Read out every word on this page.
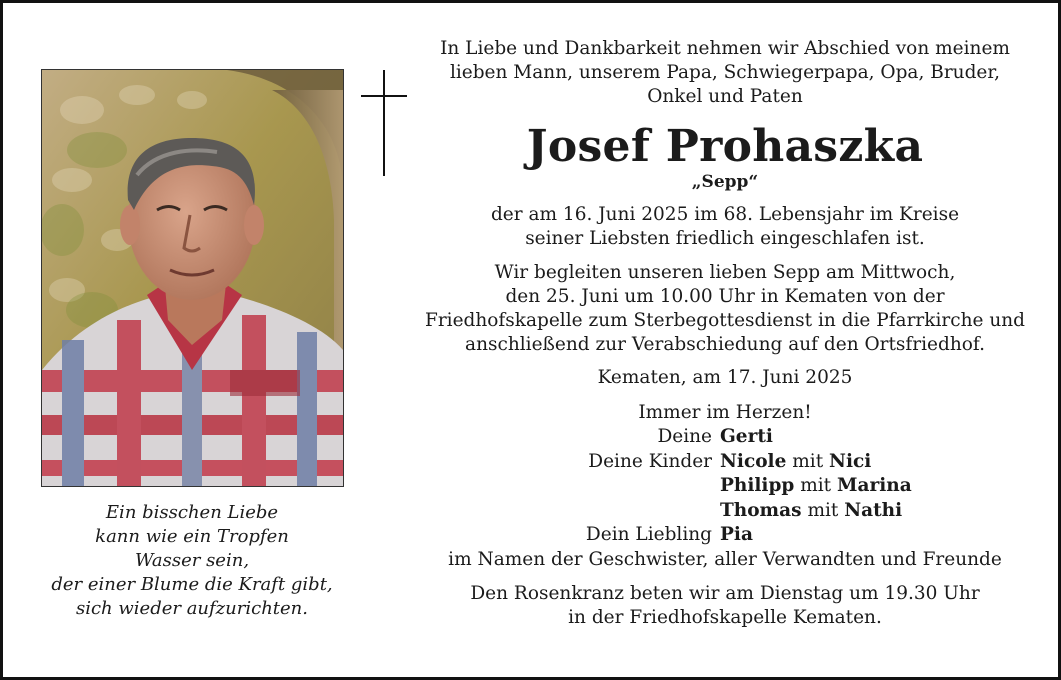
Ein bisschen Liebe
kann wie ein Tropfen
Wasser sein,
der einer Blume die Kraft gibt,
sich wieder aufzurichten.
In Liebe und Dankbarkeit nehmen wir Abschied von meinem
lieben Mann, unserem Papa, Schwiegerpapa, Opa, Bruder,
Onkel und Paten
Josef Prohaszka
„Sepp“
der am 16. Juni 2025 im 68. Lebensjahr im Kreise
seiner Liebsten friedlich eingeschlafen ist.
Wir begleiten unseren lieben Sepp am Mittwoch,
den 25. Juni um 10.00 Uhr in Kematen von der
Friedhofskapelle zum Sterbegottesdienst in die Pfarrkirche und
anschließend zur Verabschiedung auf den Ortsfriedhof.
Kematen, am 17. Juni 2025
Immer im Herzen!
Deine Gerti
Deine Kinder Nicole mit Nici
Philipp mit Marina
Thomas mit Nathi
Dein Liebling Pia
im Namen der Geschwister, aller Verwandten und Freunde
Den Rosenkranz beten wir am Dienstag um 19.30 Uhr
in der Friedhofskapelle Kematen.
